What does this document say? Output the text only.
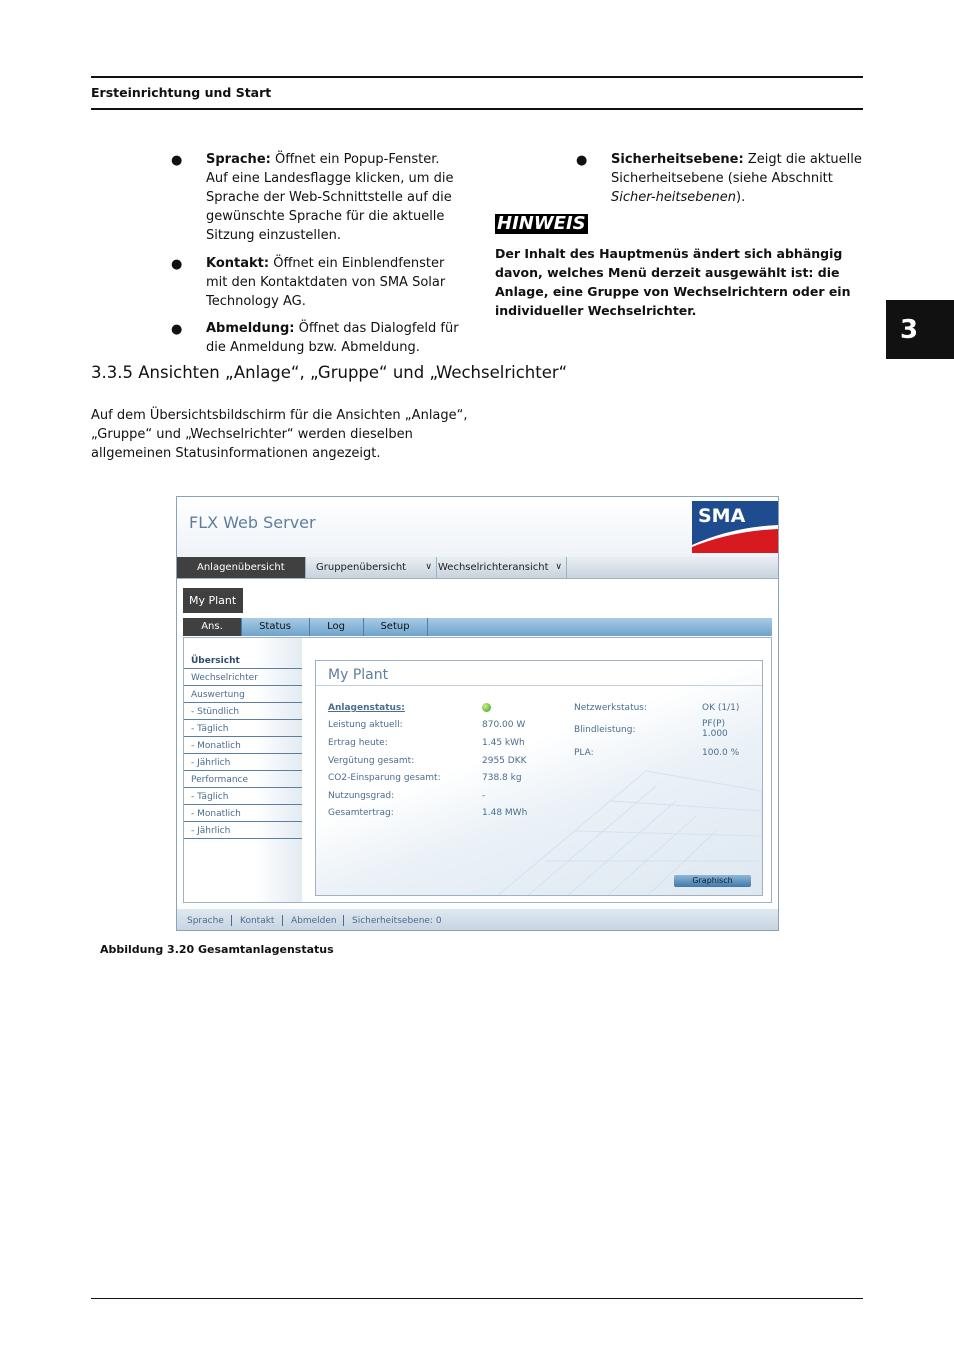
Ersteinrichtung und Start
● Sprache: Öffnet ein Popup-Fenster. Auf eine Landesflagge klicken, um die Sprache der Web-Schnittstelle auf die gewünschte Sprache für die aktuelle Sitzung einzustellen.
● Kontakt: Öffnet ein Einblendfenster mit den Kontaktdaten von SMA Solar Technology AG.
● Abmeldung: Öffnet das Dialogfeld für die Anmeldung bzw. Abmeldung.
● Sicherheitsebene: Zeigt die aktuelle Sicherheitsebene (siehe Abschnitt Sicher-heitsebenen).
HINWEIS
Der Inhalt des Hauptmenüs ändert sich abhängig davon, welches Menü derzeit ausgewählt ist: die Anlage, eine Gruppe von Wechselrichtern oder ein individueller Wechselrichter.
3
3.3.5 Ansichten „Anlage“, „Gruppe“ und „Wechselrichter“
Auf dem Übersichtsbildschirm für die Ansichten „Anlage“, „Gruppe“ und „Wechselrichter“ werden dieselben allgemeinen Statusinformationen angezeigt.
FLX Web Server	SMA
Anlagenübersicht	Gruppenübersicht ∨ Wechselrichteransicht ∨
My Plant
Ans.	Status	Log	Setup
Übersicht
Wechselrichter
Auswertung
- Stündlich
- Täglich
- Monatlich
- Jährlich
Performance
- Täglich
- Monatlich
- Jährlich
My Plant
Anlagenstatus:
Leistung aktuell:	870.00 W
Ertrag heute:	1.45 kWh
Vergütung gesamt:	2955 DKK
CO2-Einsparung gesamt:	738.8 kg
Nutzungsgrad:	-
Gesamtertrag:	1.48 MWh
Netzwerkstatus:	OK (1/1)
Blindleistung:
PF(P)
1.000
PLA:	100.0 %
Graphisch
Sprache Kontakt Abmelden Sicherheitsebene: 0
Abbildung 3.20 Gesamtanlagenstatus
